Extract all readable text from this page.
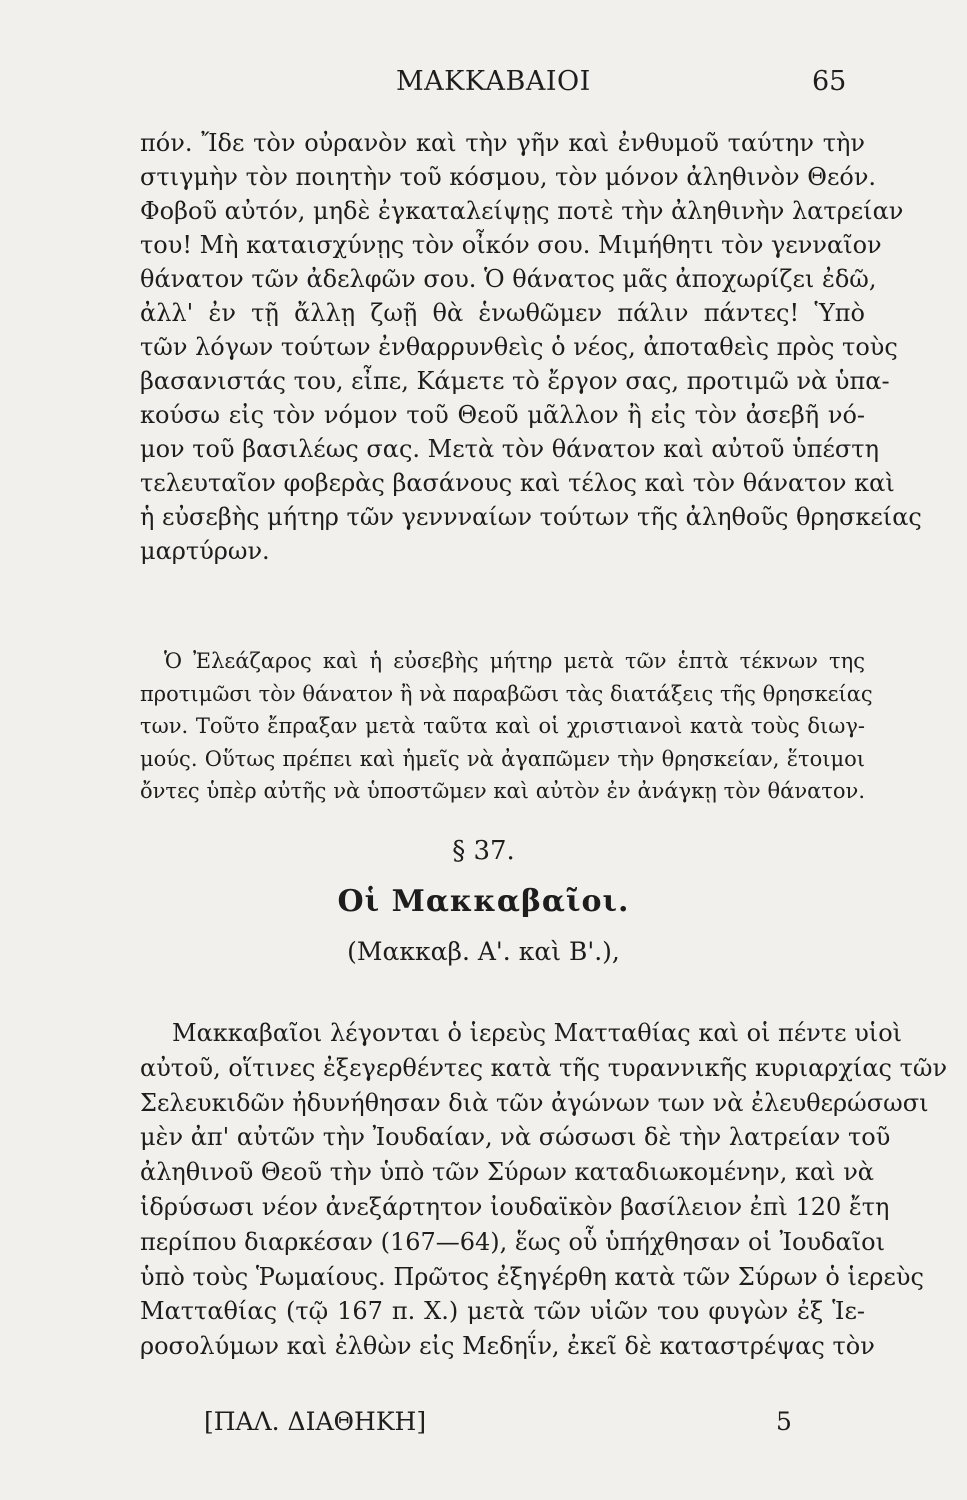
ΜΑΚΚΑΒΑΙΟΙ	65
πόν. Ἴδε τὸν οὐρανὸν καὶ τὴν γῆν καὶ ἐνθυμοῦ ταύτην τὴν
στιγμὴν τὸν ποιητὴν τοῦ κόσμου, τὸν μόνον ἀληθινὸν Θεόν.
Φοβοῦ αὐτόν, μηδὲ ἐγκαταλείψῃς ποτὲ τὴν ἀληθινὴν λατρείαν
του! Μὴ καταισχύνῃς τὸν οἶκόν σου. Μιμήθητι τὸν γενναῖον
θάνατον τῶν ἀδελφῶν σου. Ὁ θάνατος μᾶς ἀποχωρίζει ἐδῶ,
ἀλλ' ἐν τῇ ἄλλῃ ζωῇ θὰ ἑνωθῶμεν πάλιν πάντες! Ὑπὸ
τῶν λόγων τούτων ἐνθαρρυνθεὶς ὁ νέος, ἀποταθεὶς πρὸς τοὺς
βασανιστάς του, εἶπε, Κάμετε τὸ ἔργον σας, προτιμῶ νὰ ὑπα-
κούσω εἰς τὸν νόμον τοῦ Θεοῦ μᾶλλον ἢ εἰς τὸν ἀσεβῆ νό-
μον τοῦ βασιλέως σας. Μετὰ τὸν θάνατον καὶ αὐτοῦ ὑπέστη
τελευταῖον φοβερὰς βασάνους καὶ τέλος καὶ τὸν θάνατον καὶ
ἡ εὐσεβὴς μήτηρ τῶν γεννναίων τούτων τῆς ἀληθοῦς θρησκείας
μαρτύρων.
Ὁ Ἐλεάζαρος καὶ ἡ εὐσεβὴς μήτηρ μετὰ τῶν ἑπτὰ τέκνων της
προτιμῶσι τὸν θάνατον ἢ νὰ παραβῶσι τὰς διατάξεις τῆς θρησκείας
των. Τοῦτο ἔπραξαν μετὰ ταῦτα καὶ οἱ χριστιανοὶ κατὰ τοὺς διωγ-
μούς. Οὕτως πρέπει καὶ ἡμεῖς νὰ ἀγαπῶμεν τὴν θρησκείαν, ἕτοιμοι
ὄντες ὑπὲρ αὐτῆς νὰ ὑποστῶμεν καὶ αὐτὸν ἐν ἀνάγκῃ τὸν θάνατον.
§ 37.
Οἱ Μακκαβαῖοι.
(Μακκαβ. Α'. καὶ Β'.),
Μακκαβαῖοι λέγονται ὁ ἱερεὺς Ματταθίας καὶ οἱ πέντε υἱοὶ
αὐτοῦ, οἵτινες ἐξεγερθέντες κατὰ τῆς τυραννικῆς κυριαρχίας τῶν
Σελευκιδῶν ἠδυνήθησαν διὰ τῶν ἀγώνων των νὰ ἐλευθερώσωσι
μὲν ἀπ' αὐτῶν τὴν Ἰουδαίαν, νὰ σώσωσι δὲ τὴν λατρείαν τοῦ
ἀληθινοῦ Θεοῦ τὴν ὑπὸ τῶν Σύρων καταδιωκομένην, καὶ νὰ
ἱδρύσωσι νέον ἀνεξάρτητον ἰουδαϊκὸν βασίλειον ἐπὶ 120 ἔτη
περίπου διαρκέσαν (167—64), ἕως οὗ ὑπήχθησαν οἱ Ἰουδαῖοι
ὑπὸ τοὺς Ῥωμαίους. Πρῶτος ἐξηγέρθη κατὰ τῶν Σύρων ὁ ἱερεὺς
Ματταθίας (τῷ 167 π. Χ.) μετὰ τῶν υἱῶν του φυγὼν ἐξ Ἱε-
ροσολύμων καὶ ἐλθὼν εἰς Μεδηΐν, ἐκεῖ δὲ καταστρέψας τὸν
[ΠΑΛ. ΔΙΑΘΗΚΗ]	5
